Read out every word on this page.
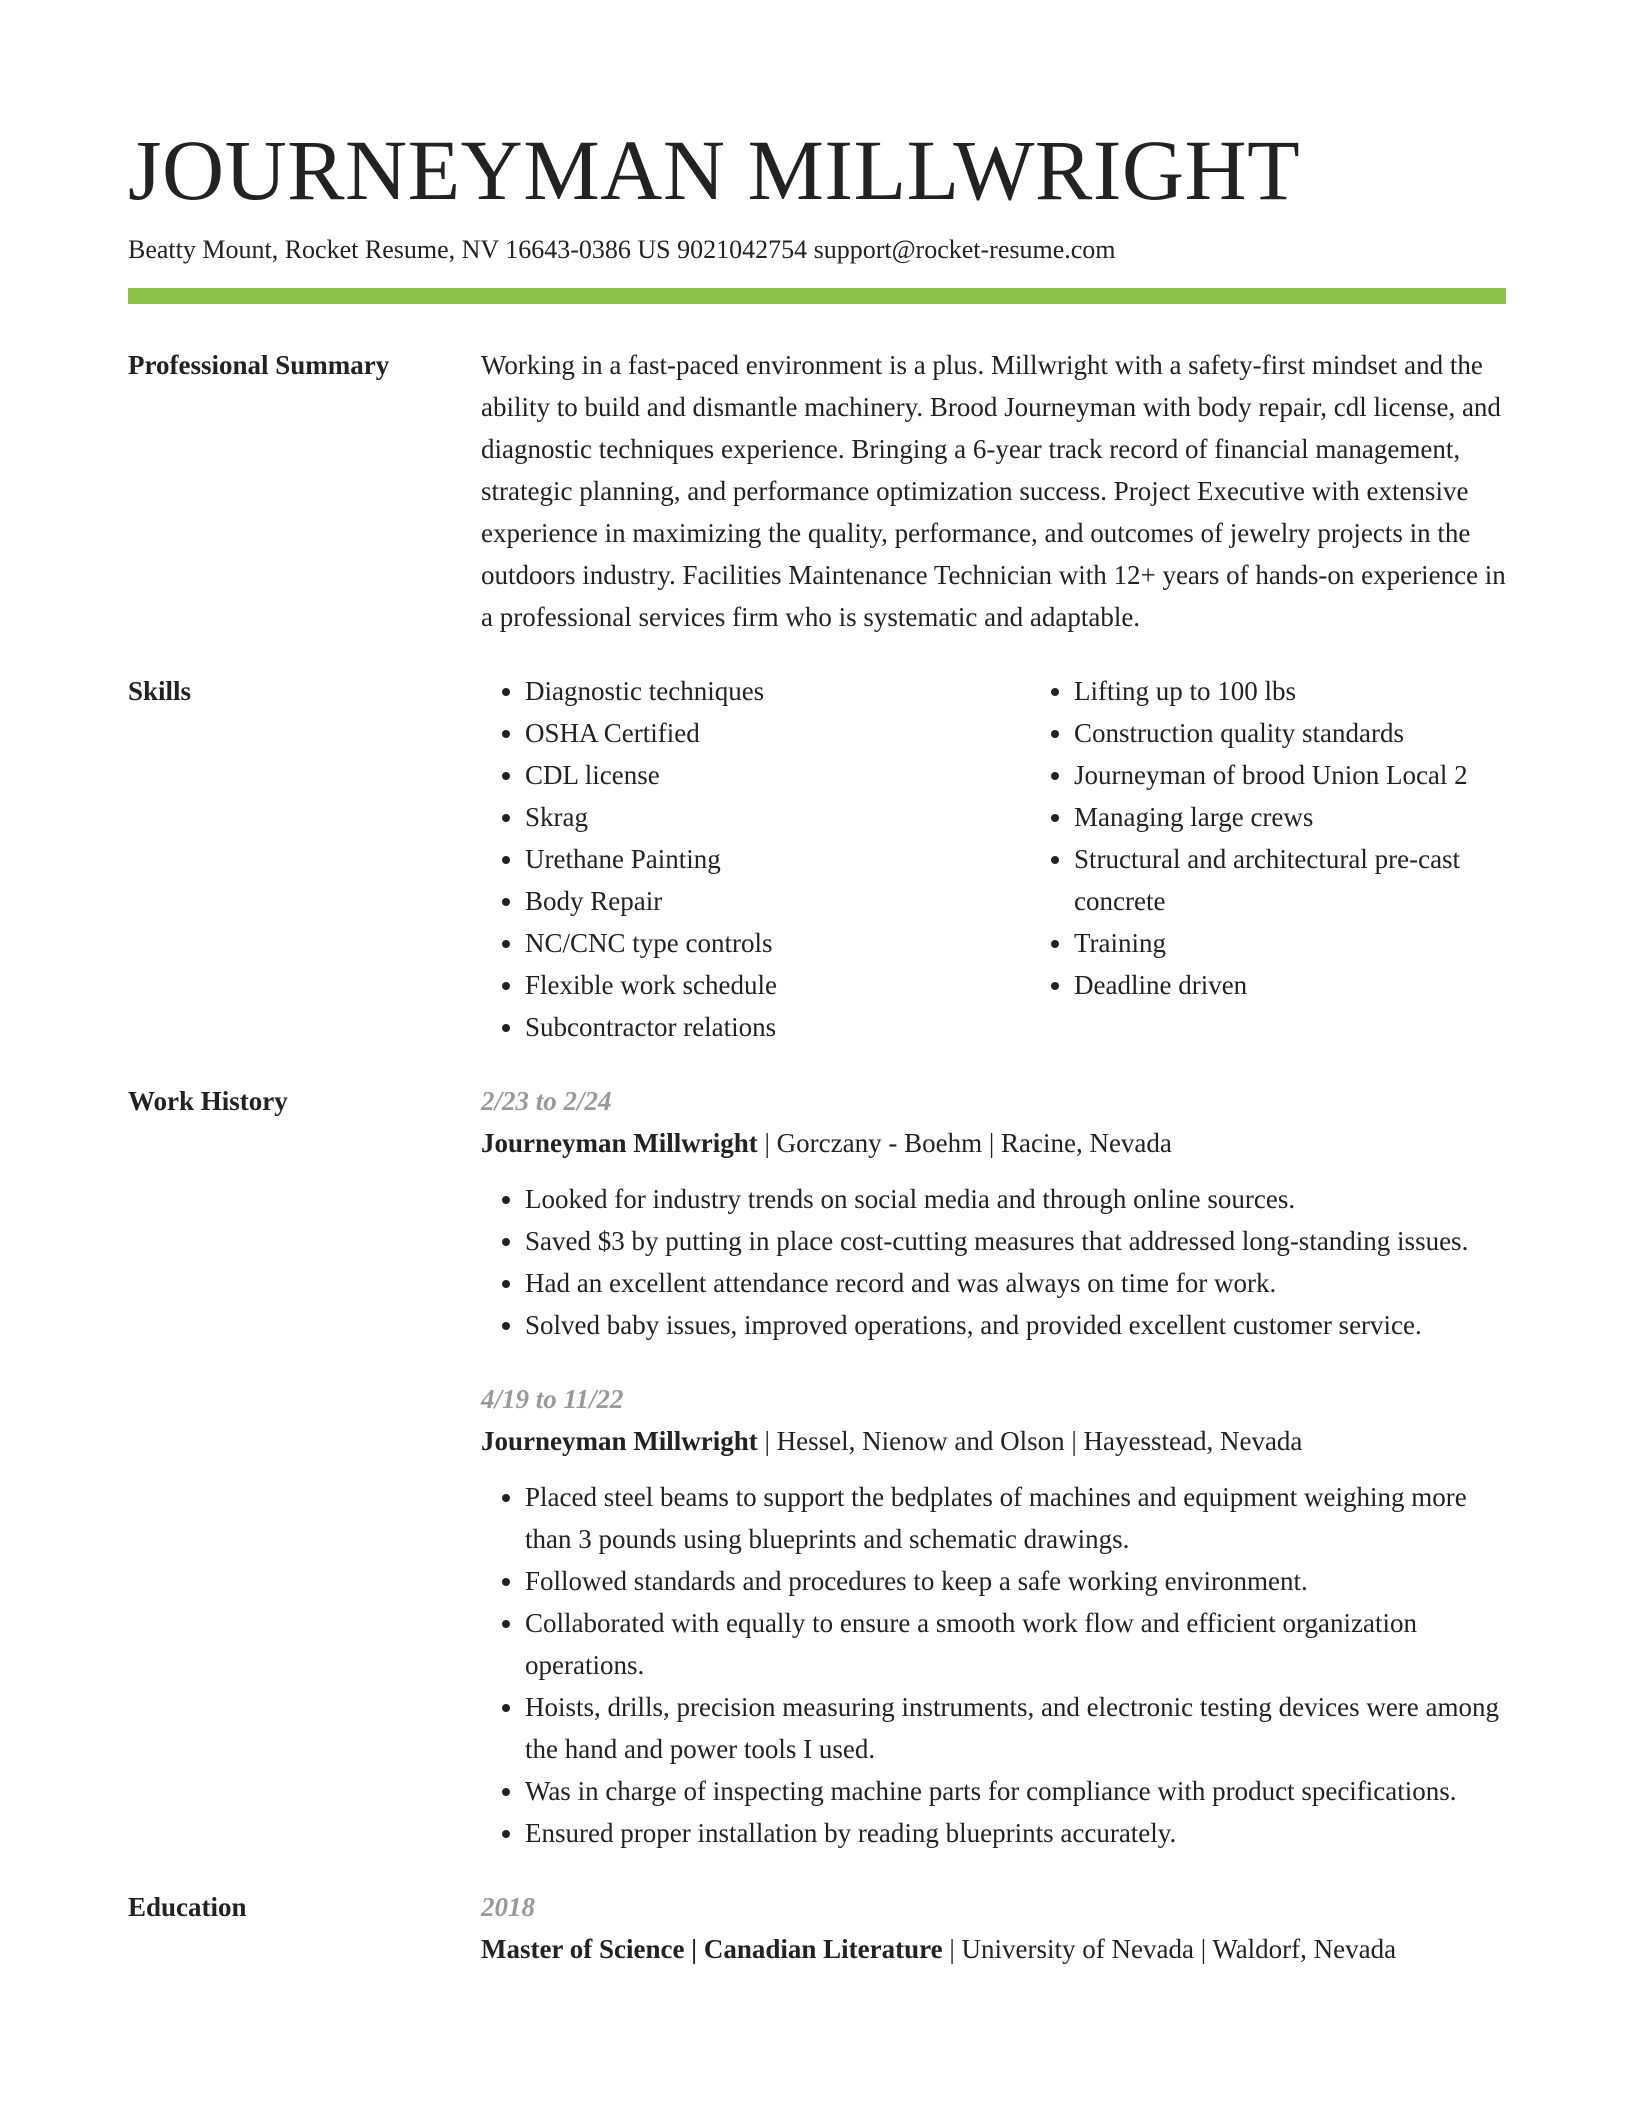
JOURNEYMAN MILLWRIGHT
Beatty Mount, Rocket Resume, NV 16643-0386 US 9021042754 support@rocket-resume.com
Professional Summary	Working in a fast-paced environment is a plus. Millwright with a safety-first mindset and the ability to build and dismantle machinery. Brood Journeyman with body repair, cdl license, and diagnostic techniques experience. Bringing a 6-year track record of financial management, strategic planning, and performance optimization success. Project Executive with extensive experience in maximizing the quality, performance, and outcomes of jewelry projects in the outdoors industry. Facilities Maintenance Technician with 12+ years of hands-on experience in a professional services firm who is systematic and adaptable.
Skills
•	Diagnostic techniques
• OSHA Certified
• CDL license
• Skrag
• Urethane Painting
• Body Repair
• NC/CNC type controls
• Flexible work schedule
• Subcontractor relations
• Lifting up to 100 lbs
• Construction quality standards
• Journeyman of brood Union Local 2
• Managing large crews
• Structural and architectural pre-cast concrete
• Training
• Deadline driven
Work History	2/23 to 2/24
Journeyman Millwright | Gorczany - Boehm | Racine, Nevada
• Looked for industry trends on social media and through online sources.
• Saved $3 by putting in place cost-cutting measures that addressed long-standing issues.
• Had an excellent attendance record and was always on time for work.
• Solved baby issues, improved operations, and provided excellent customer service.
4/19 to 11/22
Journeyman Millwright | Hessel, Nienow and Olson | Hayesstead, Nevada
• Placed steel beams to support the bedplates of machines and equipment weighing more than 3 pounds using blueprints and schematic drawings.
• Followed standards and procedures to keep a safe working environment.
• Collaborated with equally to ensure a smooth work flow and efficient organization operations.
• Hoists, drills, precision measuring instruments, and electronic testing devices were among the hand and power tools I used.
• Was in charge of inspecting machine parts for compliance with product specifications.
• Ensured proper installation by reading blueprints accurately.
Education	2018
Master of Science | Canadian Literature | University of Nevada | Waldorf, Nevada
